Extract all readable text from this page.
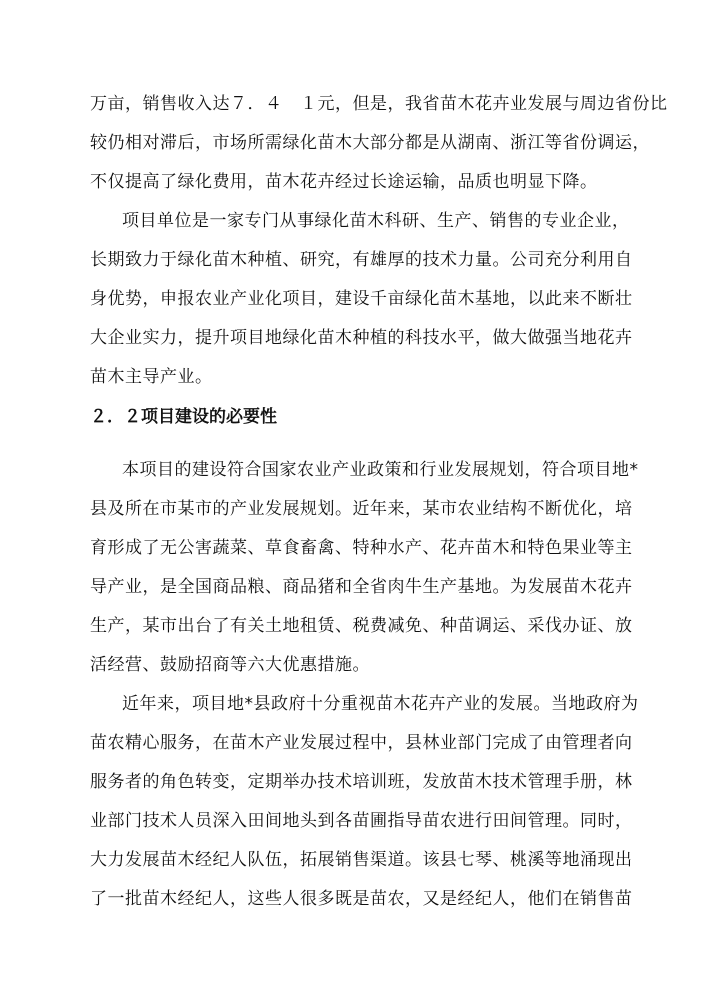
万亩，销售收入达７．４　１元，但是，我省苗木花卉业发展与周边省份比
较仍相对滞后，市场所需绿化苗木大部分都是从湖南、浙江等省份调运，
不仅提高了绿化费用，苗木花卉经过长途运输，品质也明显下降。
项目单位是一家专门从事绿化苗木科研、生产、销售的专业企业，
长期致力于绿化苗木种植、研究，有雄厚的技术力量。公司充分利用自
身优势，申报农业产业化项目，建设千亩绿化苗木基地，以此来不断壮
大企业实力，提升项目地绿化苗木种植的科技水平，做大做强当地花卉
苗木主导产业。
２．２项目建设的必要性
本项目的建设符合国家农业产业政策和行业发展规划，符合项目地*
县及所在市某市的产业发展规划。近年来，某市农业结构不断优化，培
育形成了无公害蔬菜、草食畜禽、特种水产、花卉苗木和特色果业等主
导产业，是全国商品粮、商品猪和全省肉牛生产基地。为发展苗木花卉
生产，某市出台了有关土地租赁、税费减免、种苗调运、采伐办证、放
活经营、鼓励招商等六大优惠措施。
近年来，项目地*县政府十分重视苗木花卉产业的发展。当地政府为
苗农精心服务，在苗木产业发展过程中，县林业部门完成了由管理者向
服务者的角色转变，定期举办技术培训班，发放苗木技术管理手册，林
业部门技术人员深入田间地头到各苗圃指导苗农进行田间管理。同时，
大力发展苗木经纪人队伍，拓展销售渠道。该县七琴、桃溪等地涌现出
了一批苗木经纪人，这些人很多既是苗农，又是经纪人，他们在销售苗
